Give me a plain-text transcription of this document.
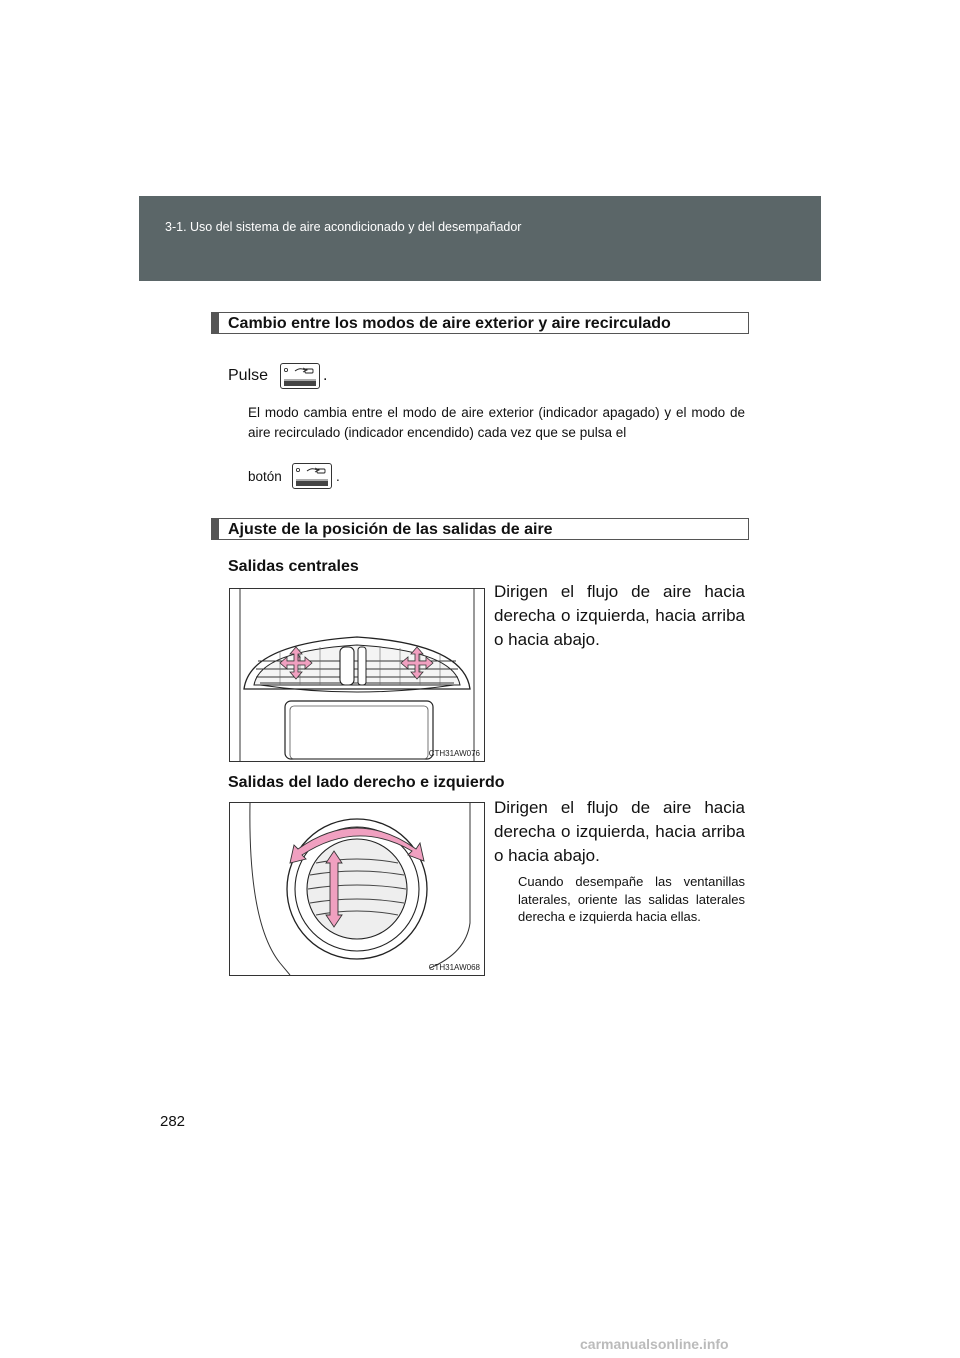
3-1. Uso del sistema de aire acondicionado y del desempañador
Cambio entre los modos de aire exterior y aire recirculado
Pulse	.
El modo cambia entre el modo de aire exterior (indicador apagado) y el modo de aire recirculado (indicador encendido) cada vez que se pulsa el
botón	.
Ajuste de la posición de las salidas de aire
Salidas centrales
Dirigen el flujo de aire hacia derecha o izquierda, hacia arriba o hacia abajo.
CTH31AW076
Salidas del lado derecho e izquierdo
Dirigen el flujo de aire hacia derecha o izquierda, hacia arriba o hacia abajo.
Cuando desempañe las ventanillas laterales, oriente las salidas laterales derecha e izquierda hacia ellas.
CTH31AW068
282
carmanualsonline.info
